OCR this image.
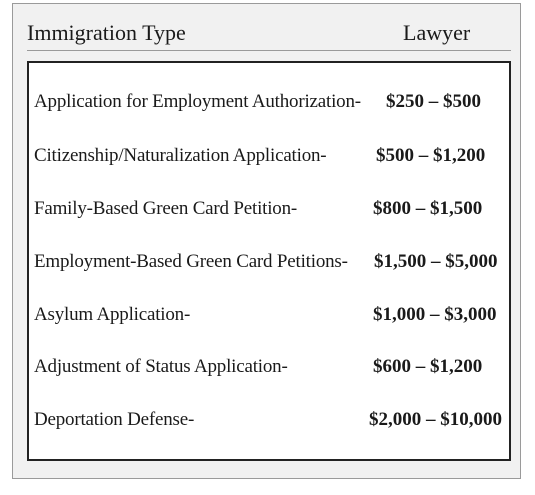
Immigration Type	Lawyer
Application for Employment Authorization- $250 – $500
Citizenship/Naturalization Application-	$500 – $1,200
Family-Based Green Card Petition-	$800 – $1,500
Employment-Based Green Card Petitions- $1,500 – $5,000
Asylum Application-	$1,000 – $3,000
Adjustment of Status Application-	$600 – $1,200
Deportation Defense-	$2,000 – $10,000
